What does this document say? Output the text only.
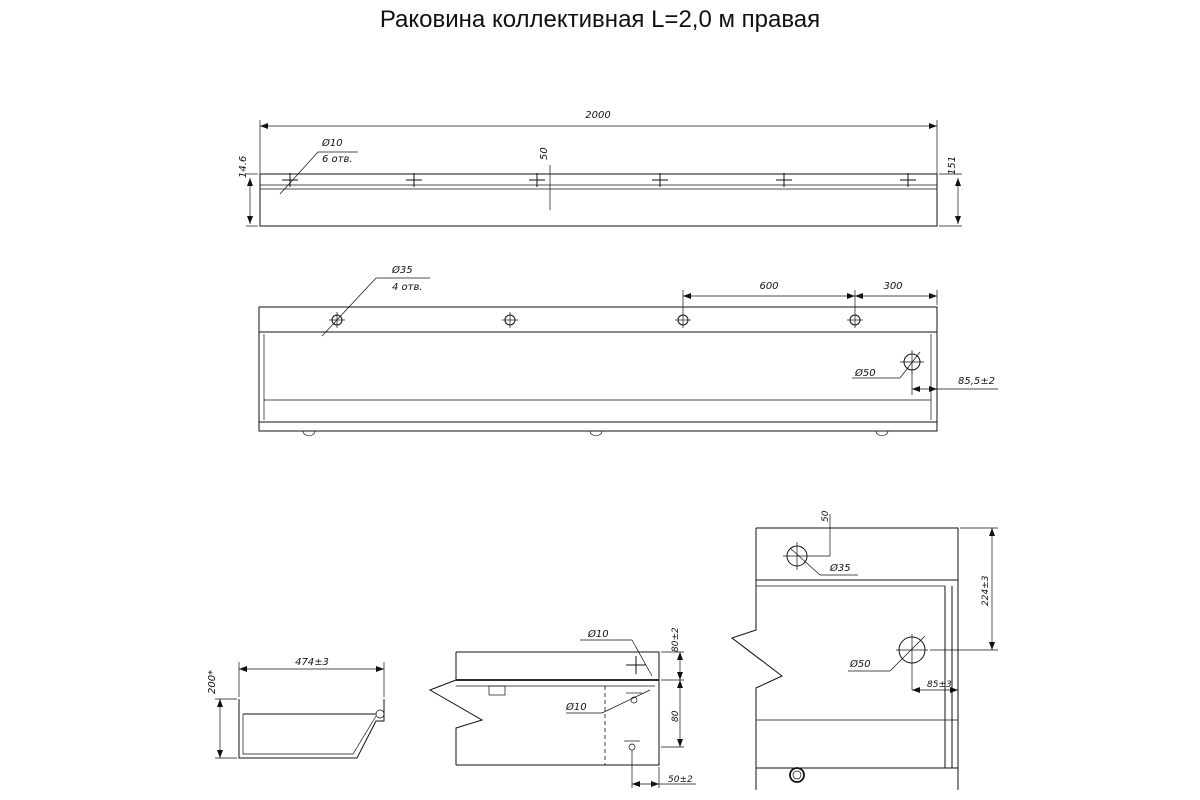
Раковина коллективная L=2,0 м правая
2000
Ø10
6 отв.	50
14.6	151
Ø35
4 отв.	600	300
Ø50
85,5±2
474±3
200*
Ø10
Ø10
80±2
80
50±2
Ø35
50
Ø50
85±3
224±3
